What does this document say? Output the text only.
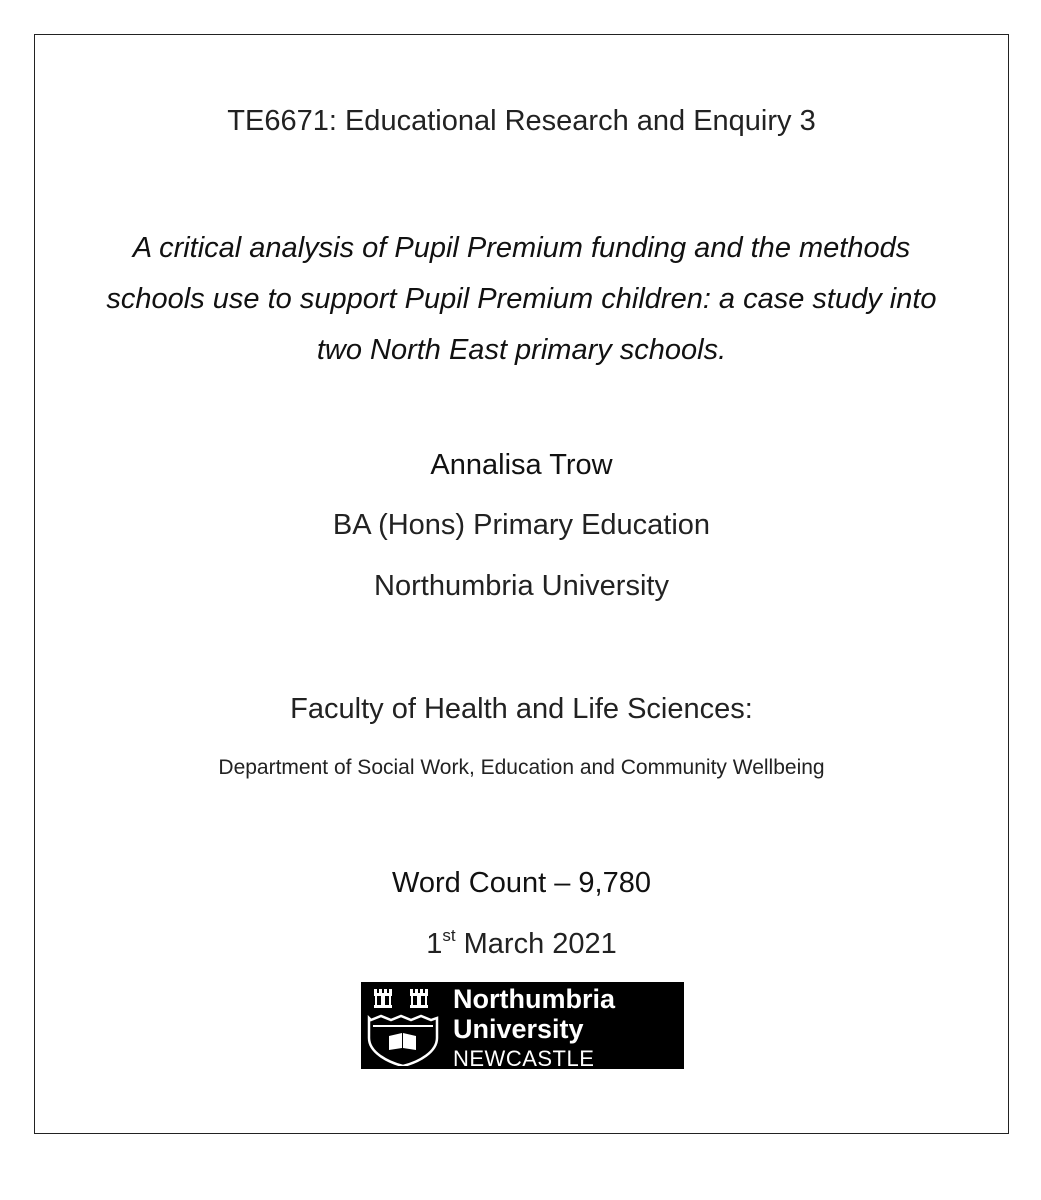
TE6671: Educational Research and Enquiry 3
A critical analysis of Pupil Premium funding and the methods
schools use to support Pupil Premium children: a case study into
two North East primary schools.
Annalisa Trow
BA (Hons) Primary Education
Northumbria University
Faculty of Health and Life Sciences:
Department of Social Work, Education and Community Wellbeing
Word Count – 9,780
1st March 2021
Northumbria
University
NEWCASTLE
